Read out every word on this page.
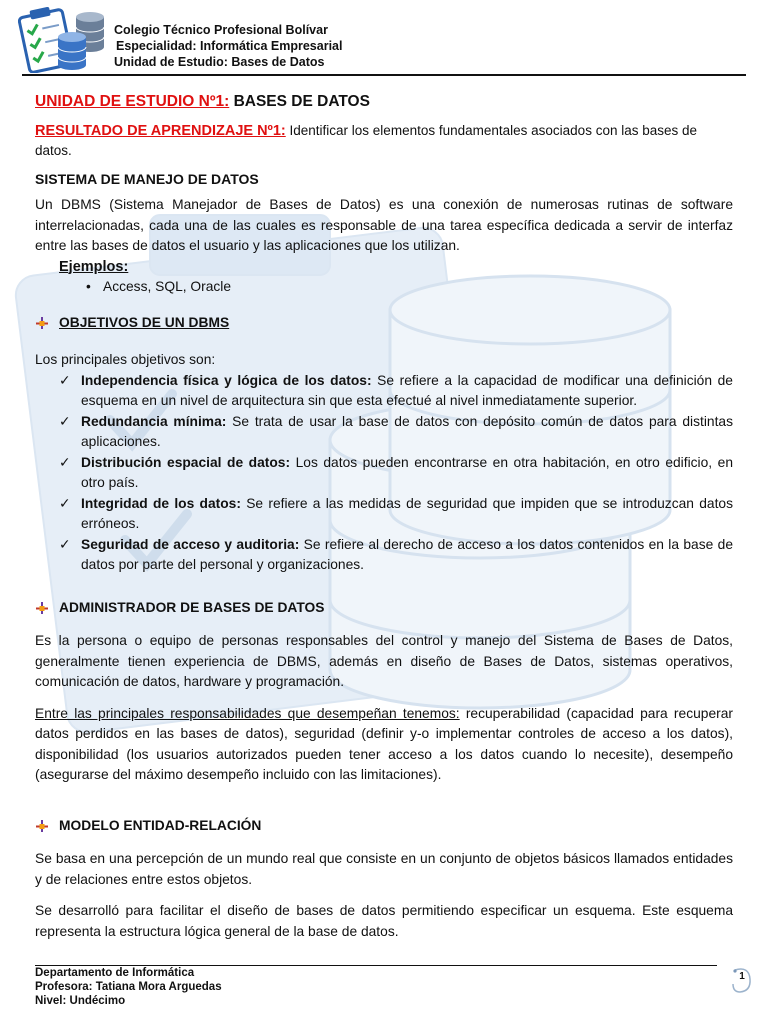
Colegio Técnico Profesional Bolívar
Especialidad: Informática Empresarial
Unidad de Estudio: Bases de Datos

UNIDAD DE ESTUDIO Nº1: BASES DE DATOS

RESULTADO DE APRENDIZAJE Nº1: Identificar los elementos fundamentales asociados con las bases de datos.

SISTEMA DE MANEJO DE DATOS

Un DBMS (Sistema Manejador de Bases de Datos) es una conexión de numerosas rutinas de software interrelacionadas, cada una de las cuales es responsable de una tarea específica dedicada a servir de interfaz entre las bases de datos el usuario y las aplicaciones que los utilizan.

Ejemplos:

• Access, SQL, Oracle

OBJETIVOS DE UN DBMS

Los principales objetivos son:

✓ Independencia física y lógica de los datos: Se refiere a la capacidad de modificar una definición de esquema en un nivel de arquitectura sin que esta efectué al nivel inmediatamente superior.
✓ Redundancia mínima: Se trata de usar la base de datos con depósito común de datos para distintas aplicaciones.
✓ Distribución espacial de datos: Los datos pueden encontrarse en otra habitación, en otro edificio, en otro país.
✓ Integridad de los datos: Se refiere a las medidas de seguridad que impiden que se introduzcan datos erróneos.
✓ Seguridad de acceso y auditoria: Se refiere al derecho de acceso a los datos contenidos en la base de datos por parte del personal y organizaciones.

ADMINISTRADOR DE BASES DE DATOS

Es la persona o equipo de personas responsables del control y manejo del Sistema de Bases de Datos, generalmente tienen experiencia de DBMS, además en diseño de Bases de Datos, sistemas operativos, comunicación de datos, hardware y programación.

Entre las principales responsabilidades que desempeñan tenemos: recuperabilidad (capacidad para recuperar datos perdidos en las bases de datos), seguridad (definir y-o implementar controles de acceso a los datos), disponibilidad (los usuarios autorizados pueden tener acceso a los datos cuando lo necesite), desempeño (asegurarse del máximo desempeño incluido con las limitaciones).

MODELO ENTIDAD-RELACIÓN

Se basa en una percepción de un mundo real que consiste en un conjunto de objetos básicos llamados entidades y de relaciones entre estos objetos.

Se desarrolló para facilitar el diseño de bases de datos permitiendo especificar un esquema. Este esquema representa la estructura lógica general de la base de datos.

Departamento de Informática
Profesora: Tatiana Mora Arguedas
Nivel: Undécimo
1
